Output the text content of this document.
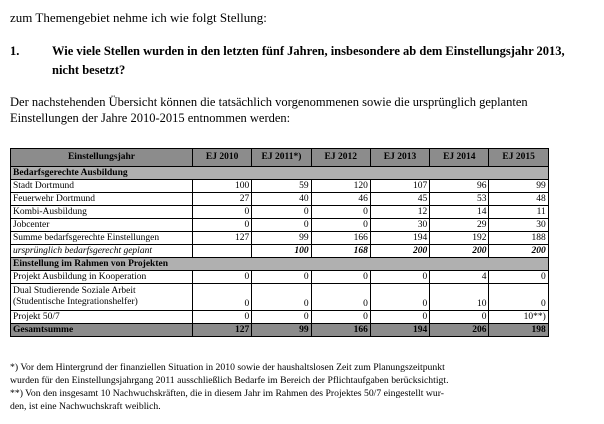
zum Themengebiet nehme ich wie folgt Stellung:
1.	Wie viele Stellen wurden in den letzten fünf Jahren, insbesondere ab dem Einstellungsjahr 2013, nicht besetzt?
Der nachstehenden Übersicht können die tatsächlich vorgenommenen sowie die ursprünglich geplanten Einstellungen der Jahre 2010-2015 entnommen werden:
Einstellungsjahr	EJ 2010	EJ 2011*)	EJ 2012	EJ 2013	EJ 2014	EJ 2015
Bedarfsgerechte Ausbildung						
Stadt Dortmund	100	59	120	107	96	99
Feuerwehr Dortmund	27	40	46	45	53	48
Kombi-Ausbildung	0	0	0	12	14	11
Jobcenter	0	0	0	30	29	30
Summe bedarfsgerechte Einstellungen	127	99	166	194	192	188
ursprünglich bedarfsgerecht geplant		100	168	200	200	200
Einstellung im Rahmen von Projekten						
Projekt Ausbildung in Kooperation	0	0	0	0	4	0

Dual Studierende Soziale Arbeit
(Studentische Integrationshelfer)	0	0	0	0	10	0
Projekt 50/7	0	0	0	0	0	10**)
Gesamtsumme	127	99	166	194	206	198
*) Vor dem Hintergrund der finanziellen Situation in 2010 sowie der haushaltslosen Zeit zum Planungszeitpunkt
wurden für den Einstellungsjahrgang 2011 ausschließlich Bedarfe im Bereich der Pflichtaufgaben berücksichtigt.
**) Von den insgesamt 10 Nachwuchskräften, die in diesem Jahr im Rahmen des Projektes 50/7 eingestellt wur-
den, ist eine Nachwuchskraft weiblich.
